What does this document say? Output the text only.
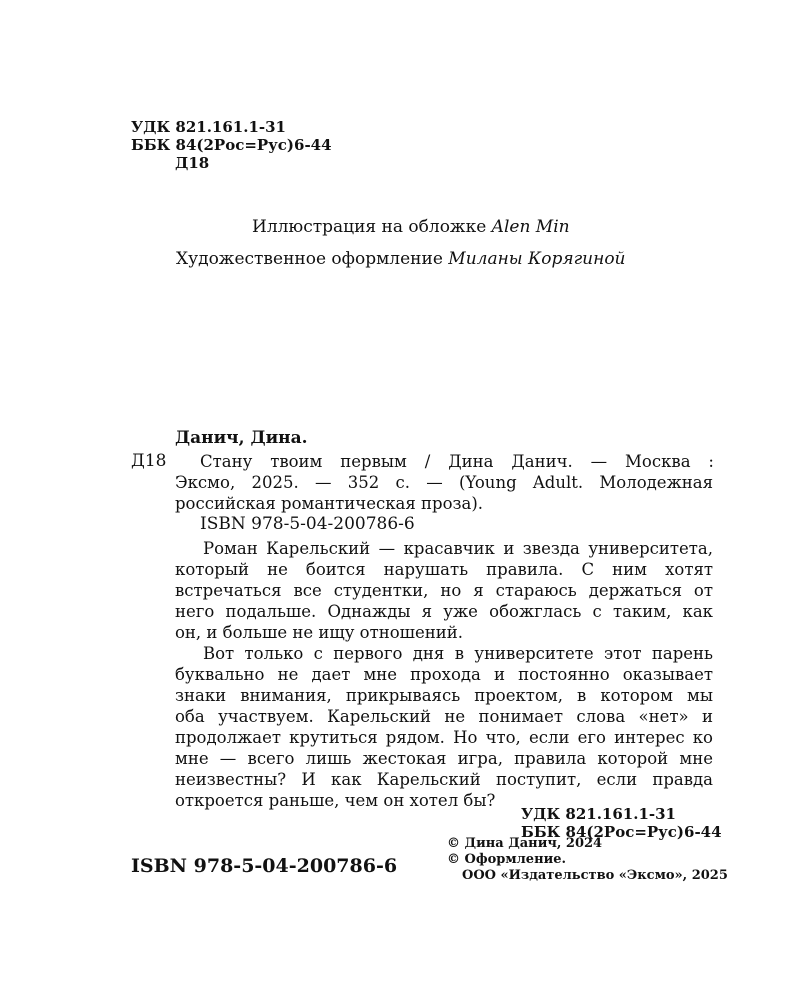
УДК 821.161.1-31
ББК 84(2Рос=Рус)6-44
Д18
Иллюстрация на обложке Alen Min
Художественное оформление Миланы Корягиной
Данич, Дина.
Д18 Стану твоим первым / Дина Данич. — Москва :
Эксмо, 2025. — 352 с. — (Young Adult. Молодежная
российская романтическая проза).
ISBN 978-5-04-200786-6
Роман Карельский — красавчик и звезда университета,
который не боится нарушать правила. С ним хотят
встречаться все студентки, но я стараюсь держаться от
него подальше. Однажды я уже обожглась с таким, как
он, и больше не ищу отношений.
Вот только с первого дня в университете этот парень
буквально не дает мне прохода и постоянно оказывает
знаки внимания, прикрываясь проектом, в котором мы
оба участвуем. Карельский не понимает слова «нет» и
продолжает крутиться рядом. Но что, если его интерес ко
мне — всего лишь жестокая игра, правила которой мне
неизвестны? И как Карельский поступит, если правда
откроется раньше, чем он хотел бы?
УДК 821.161.1-31
ББК 84(2Рос=Рус)6-44
ISBN 978-5-04-200786-6
© Дина Данич, 2024
© Оформление.
ООО «Издательство «Эксмо», 2025
